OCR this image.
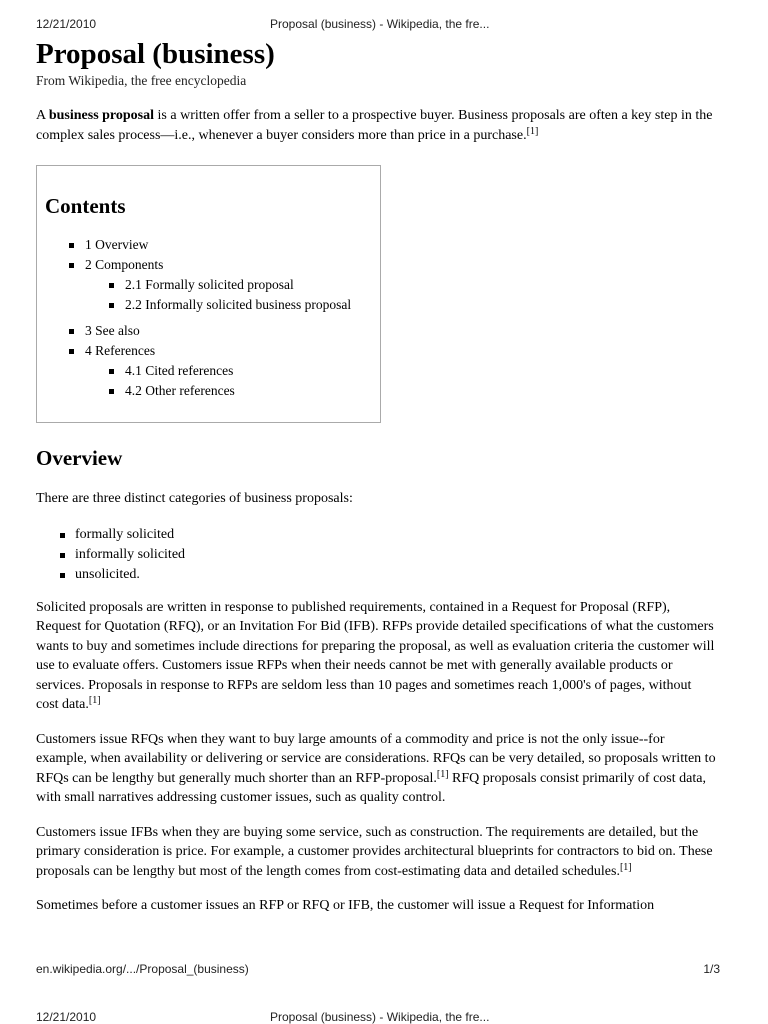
12/21/2010	Proposal (business) - Wikipedia, the fre...
Proposal (business)
From Wikipedia, the free encyclopedia

A business proposal is a written offer from a seller to a prospective buyer. Business proposals are often a key step in the complex sales process—i.e., whenever a buyer considers more than price in a purchase.[1]

Contents
1 Overview
2 Components
2.1 Formally solicited proposal
2.2 Informally solicited business proposal
3 See also
4 References
4.1 Cited references
4.2 Other references
Overview

There are three distinct categories of business proposals:

formally solicited
informally solicited
unsolicited.

Solicited proposals are written in response to published requirements, contained in a Request for Proposal (RFP), Request for Quotation (RFQ), or an Invitation For Bid (IFB). RFPs provide detailed specifications of what the customers wants to buy and sometimes include directions for preparing the proposal, as well as evaluation criteria the customer will use to evaluate offers. Customers issue RFPs when their needs cannot be met with generally available products or services. Proposals in response to RFPs are seldom less than 10 pages and sometimes reach 1,000's of pages, without cost data.[1]

Customers issue RFQs when they want to buy large amounts of a commodity and price is not the only issue--for example, when availability or delivering or service are considerations. RFQs can be very detailed, so proposals written to RFQs can be lengthy but generally much shorter than an RFP-proposal.[1] RFQ proposals consist primarily of cost data, with small narratives addressing customer issues, such as quality control.

Customers issue IFBs when they are buying some service, such as construction. The requirements are detailed, but the primary consideration is price. For example, a customer provides architectural blueprints for contractors to bid on. These proposals can be lengthy but most of the length comes from cost-estimating data and detailed schedules.[1]

Sometimes before a customer issues an RFP or RFQ or IFB, the customer will issue a Request for Information

en.wikipedia.org/.../Proposal_(business)	1/3
12/21/2010	Proposal (business) - Wikipedia, the fre...
